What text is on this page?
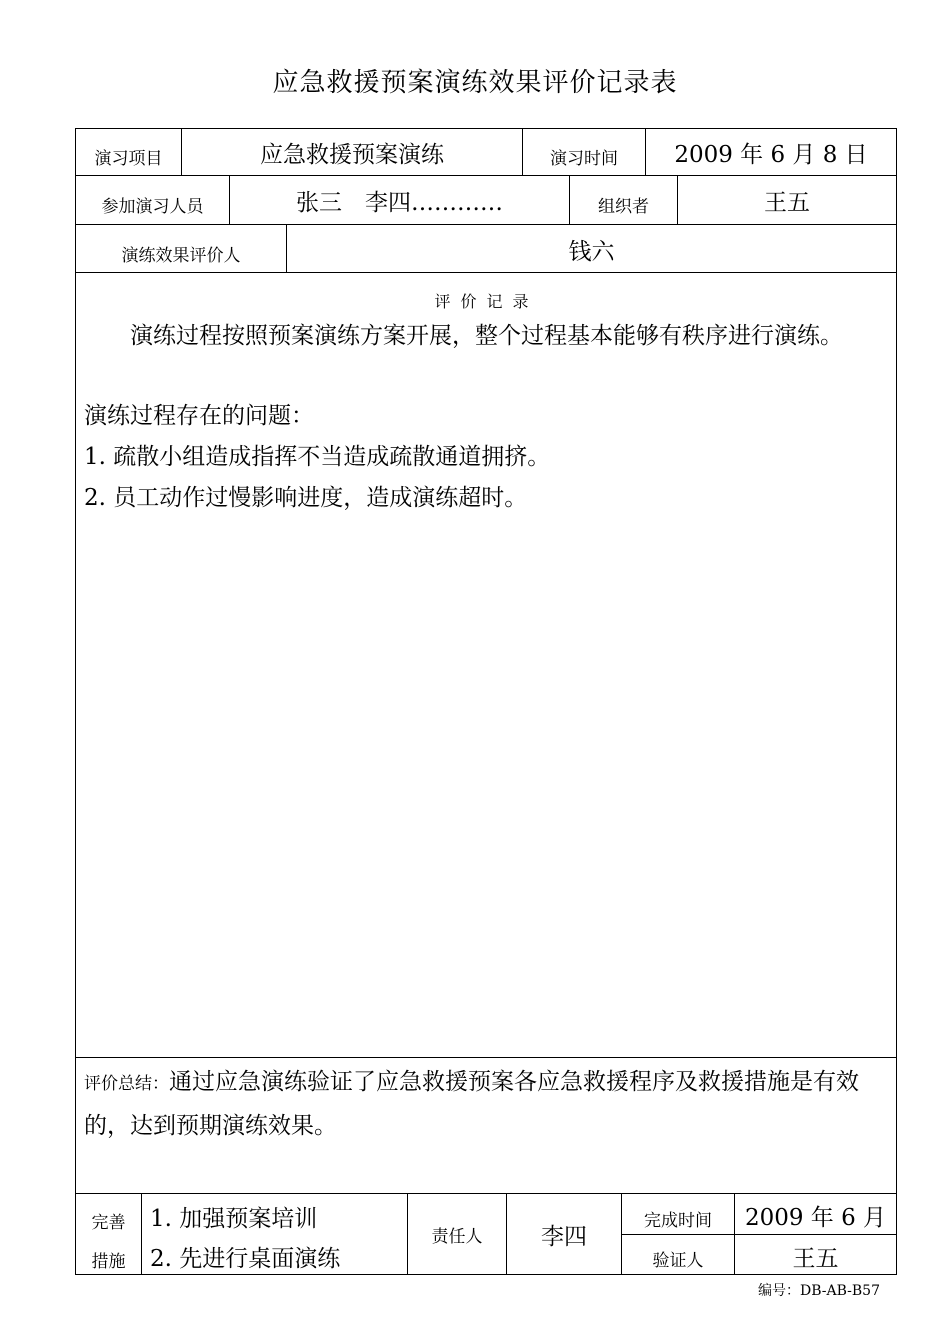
应急救援预案演练效果评价记录表
演习项目	应急救援预案演练	演习时间	2009 年 6 月 8 日
参加演习人员	张三　李四…………	组织者	王五
演练效果评价人	钱六
评价记录
　　演练过程按照预案演练方案开展，整个过程基本能够有秩序进行演练。
演练过程存在的问题：
1. 疏散小组造成指挥不当造成疏散通道拥挤。
2. 员工动作过慢影响进度，造成演练超时。
评价总结：通过应急演练验证了应急救援预案各应急救援程序及救援措施是有效的，达到预期演练效果。
完善
措施
1. 加强预案培训
2. 先进行桌面演练
责任人	李四
完成时间	2009 年 6 月
验证人	王五
编号：DB-AB-B57
